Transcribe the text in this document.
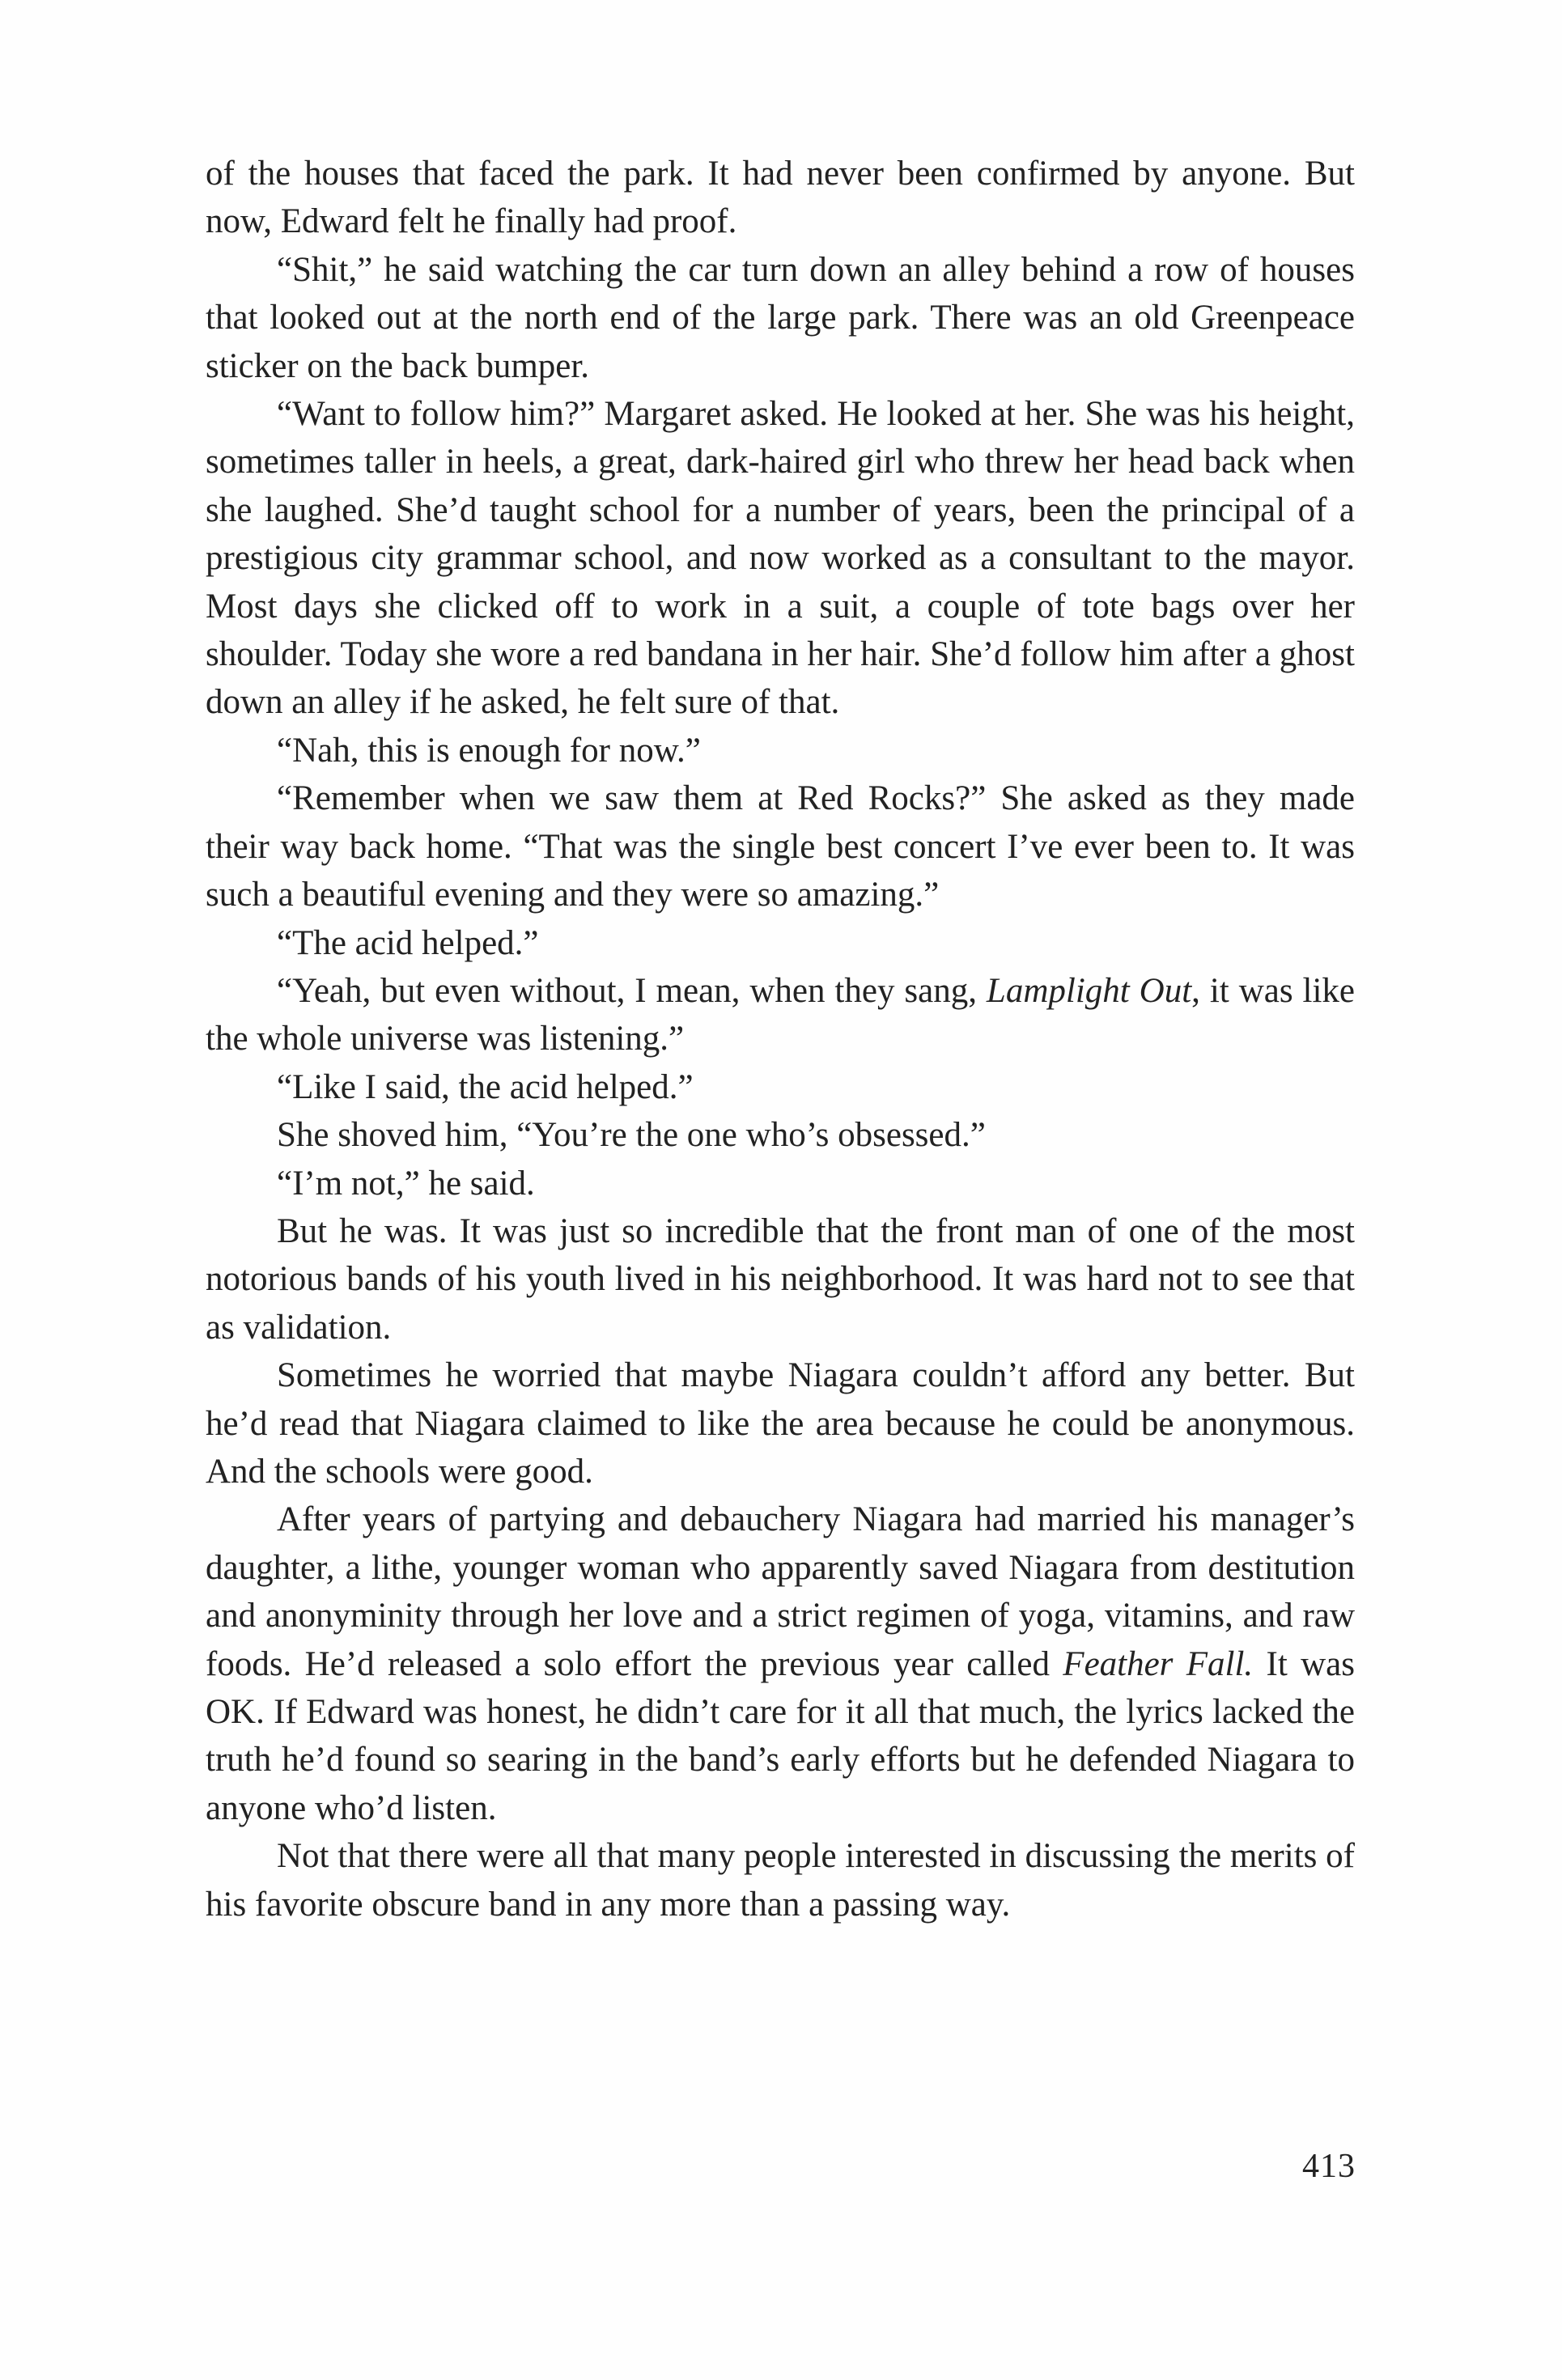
of the houses that faced the park. It had never been confirmed by anyone. But now, Edward felt he finally had proof.

“Shit,” he said watching the car turn down an alley behind a row of houses that looked out at the north end of the large park. There was an old Greenpeace sticker on the back bumper.

“Want to follow him?” Margaret asked. He looked at her. She was his height, sometimes taller in heels, a great, dark-haired girl who threw her head back when she laughed. She’d taught school for a number of years, been the principal of a prestigious city grammar school, and now worked as a consultant to the mayor. Most days she clicked off to work in a suit, a couple of tote bags over her shoulder. Today she wore a red bandana in her hair. She’d follow him after a ghost down an alley if he asked, he felt sure of that.

“Nah, this is enough for now.”

“Remember when we saw them at Red Rocks?” She asked as they made their way back home. “That was the single best concert I’ve ever been to. It was such a beautiful evening and they were so amazing.”

“The acid helped.”

“Yeah, but even without, I mean, when they sang, Lamplight Out, it was like the whole universe was listening.”

“Like I said, the acid helped.”

She shoved him, “You’re the one who’s obsessed.”

“I’m not,” he said.

But he was. It was just so incredible that the front man of one of the most notorious bands of his youth lived in his neighborhood. It was hard not to see that as validation.

Sometimes he worried that maybe Niagara couldn’t afford any better. But he’d read that Niagara claimed to like the area because he could be anonymous. And the schools were good.

After years of partying and debauchery Niagara had married his manager’s daughter, a lithe, younger woman who apparently saved Niagara from destitution and anonyminity through her love and a strict regimen of yoga, vitamins, and raw foods. He’d released a solo effort the previous year called Feather Fall. It was OK. If Edward was honest, he didn’t care for it all that much, the lyrics lacked the truth he’d found so searing in the band’s early efforts but he defended Niagara to anyone who’d listen.

Not that there were all that many people interested in discussing the merits of his favorite obscure band in any more than a passing way.

413
